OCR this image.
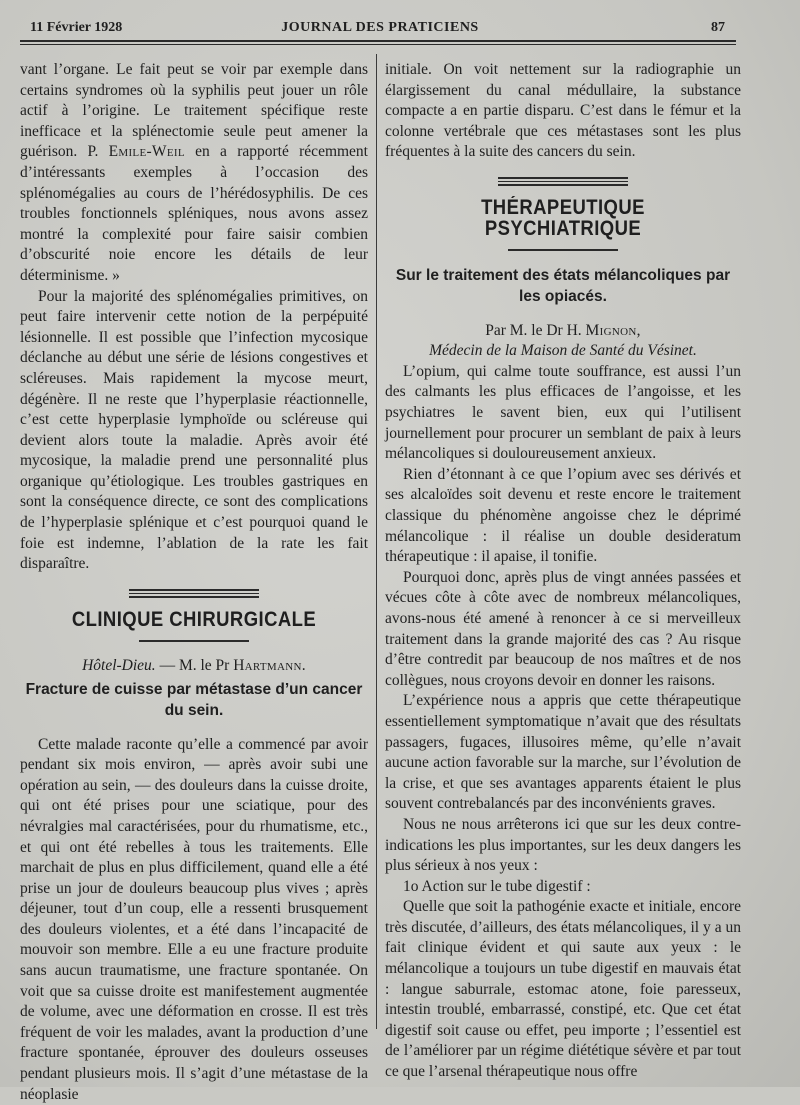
11 Février 1928	JOURNAL DES PRATICIENS	87

vant l’organe. Le fait peut se voir par exemple dans certains syndromes où la syphilis peut jouer un rôle actif à l’origine. Le traitement spécifique reste inefficace et la splénectomie seule peut amener la guérison. P. Emile-Weil en a rapporté récemment d’intéressants exemples à l’occasion des splénomégalies au cours de l’hérédosyphilis. De ces troubles fonctionnels spléniques, nous avons assez montré la complexité pour faire saisir combien d’obscurité noie encore les détails de leur déterminisme. »

Pour la majorité des splénomégalies primitives, on peut faire intervenir cette notion de la perpépuité lésionnelle. Il est possible que l’infection mycosique déclanche au début une série de lésions congestives et scléreuses. Mais rapidement la mycose meurt, dégénère. Il ne reste que l’hyperplasie réactionnelle, c’est cette hyperplasie lymphoïde ou scléreuse qui devient alors toute la maladie. Après avoir été mycosique, la maladie prend une personnalité plus organique qu’étiologique. Les troubles gastriques en sont la conséquence directe, ce sont des complications de l’hyperplasie splénique et c’est pourquoi quand le foie est indemne, l’ablation de la rate les fait disparaître.

CLINIQUE CHIRURGICALE

Hôtel-Dieu. — M. le Pr Hartmann.

Fracture de cuisse par métastase d’un cancer du sein.

Cette malade raconte qu’elle a commencé par avoir pendant six mois environ, — après avoir subi une opération au sein, — des douleurs dans la cuisse droite, qui ont été prises pour une sciatique, pour des névralgies mal caractérisées, pour du rhumatisme, etc., et qui ont été rebelles à tous les traitements. Elle marchait de plus en plus difficilement, quand elle a été prise un jour de douleurs beaucoup plus vives ; après déjeuner, tout d’un coup, elle a ressenti brusquement des douleurs violentes, et a été dans l’incapacité de mouvoir son membre. Elle a eu une fracture produite sans aucun traumatisme, une fracture spontanée. On voit que sa cuisse droite est manifestement augmentée de volume, avec une déformation en crosse. Il est très fréquent de voir les malades, avant la production d’une fracture spontanée, éprouver des douleurs osseuses pendant plusieurs mois. Il s’agit d’une métastase de la néoplasie

initiale. On voit nettement sur la radiographie un élargissement du canal médullaire, la substance compacte a en partie disparu. C’est dans le fémur et la colonne vertébrale que ces métastases sont les plus fréquentes à la suite des cancers du sein.

THÉRAPEUTIQUE PSYCHIATRIQUE
Sur le traitement des états mélancoliques par les opiacés.

Par M. le Dr H. Mignon,

Médecin de la Maison de Santé du Vésinet.

L’opium, qui calme toute souffrance, est aussi l’un des calmants les plus efficaces de l’angoisse, et les psychiatres le savent bien, eux qui l’utilisent journellement pour procurer un semblant de paix à leurs mélancoliques si douloureusement anxieux.

Rien d’étonnant à ce que l’opium avec ses dérivés et ses alcaloïdes soit devenu et reste encore le traitement classique du phénomène angoisse chez le déprimé mélancolique : il réalise un double desideratum thérapeutique : il apaise, il tonifie.

Pourquoi donc, après plus de vingt années passées et vécues côte à côte avec de nombreux mélancoliques, avons-nous été amené à renoncer à ce si merveilleux traitement dans la grande majorité des cas ? Au risque d’être contredit par beaucoup de nos maîtres et de nos collègues, nous croyons devoir en donner les raisons.

L’expérience nous a appris que cette thérapeutique essentiellement symptomatique n’avait que des résultats passagers, fugaces, illusoires même, qu’elle n’avait aucune action favorable sur la marche, sur l’évolution de la crise, et que ses avantages apparents étaient le plus souvent contrebalancés par des inconvénients graves.

Nous ne nous arrêterons ici que sur les deux contre-indications les plus importantes, sur les deux dangers les plus sérieux à nos yeux :

1o Action sur le tube digestif :

Quelle que soit la pathogénie exacte et initiale, encore très discutée, d’ailleurs, des états mélancoliques, il y a un fait clinique évident et qui saute aux yeux : le mélancolique a toujours un tube digestif en mauvais état : langue saburrale, estomac atone, foie paresseux, intestin troublé, embarrassé, constipé, etc. Que cet état digestif soit cause ou effet, peu importe ; l’essentiel est de l’améliorer par un régime diététique sévère et par tout ce que l’arsenal thérapeutique nous offre
